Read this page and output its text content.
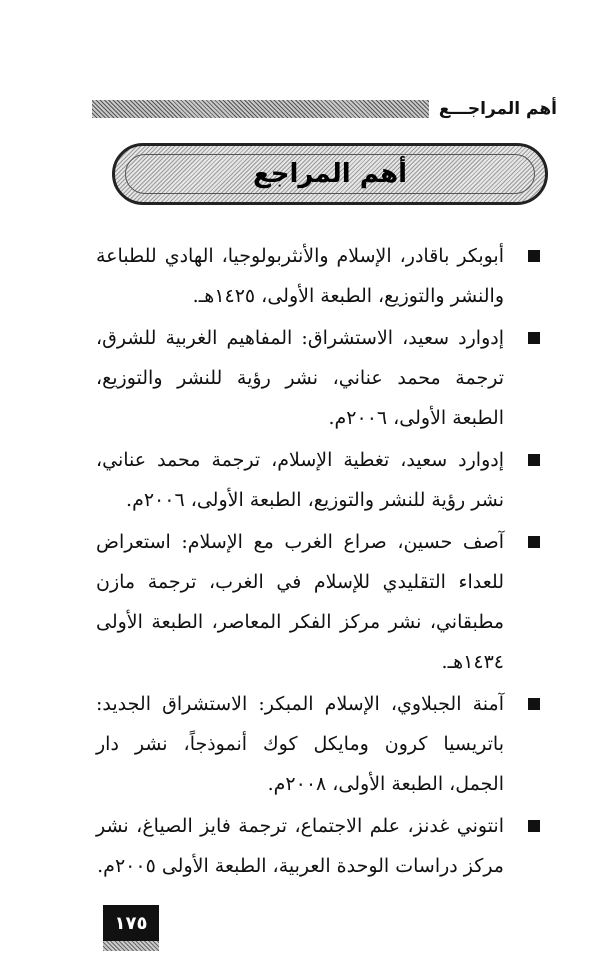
أهم المراجـــع
أهم المراجع
أبوبكر باقادر، الإسلام والأنثربولوجيا، الهادي للطباعة والنشر والتوزيع، الطبعة الأولى، ١٤٢٥هـ.
إدوارد سعيد، الاستشراق: المفاهيم الغربية للشرق، ترجمة محمد عناني، نشر رؤية للنشر والتوزيع، الطبعة الأولى، ٢٠٠٦م.
إدوارد سعيد، تغطية الإسلام، ترجمة محمد عناني، نشر رؤية للنشر والتوزيع، الطبعة الأولى، ٢٠٠٦م.
آصف حسين، صراع الغرب مع الإسلام: استعراض للعداء التقليدي للإسلام في الغرب، ترجمة مازن مطبقاني، نشر مركز الفكر المعاصر، الطبعة الأولى ١٤٣٤هـ.
آمنة الجبلاوي، الإسلام المبكر: الاستشراق الجديد: باتريسيا كرون ومايكل كوك أنموذجاً، نشر دار الجمل، الطبعة الأولى، ٢٠٠٨م.
انتوني غدنز، علم الاجتماع، ترجمة فايز الصياغ، نشر مركز دراسات الوحدة العربية، الطبعة الأولى ٢٠٠٥م.
١٧٥
